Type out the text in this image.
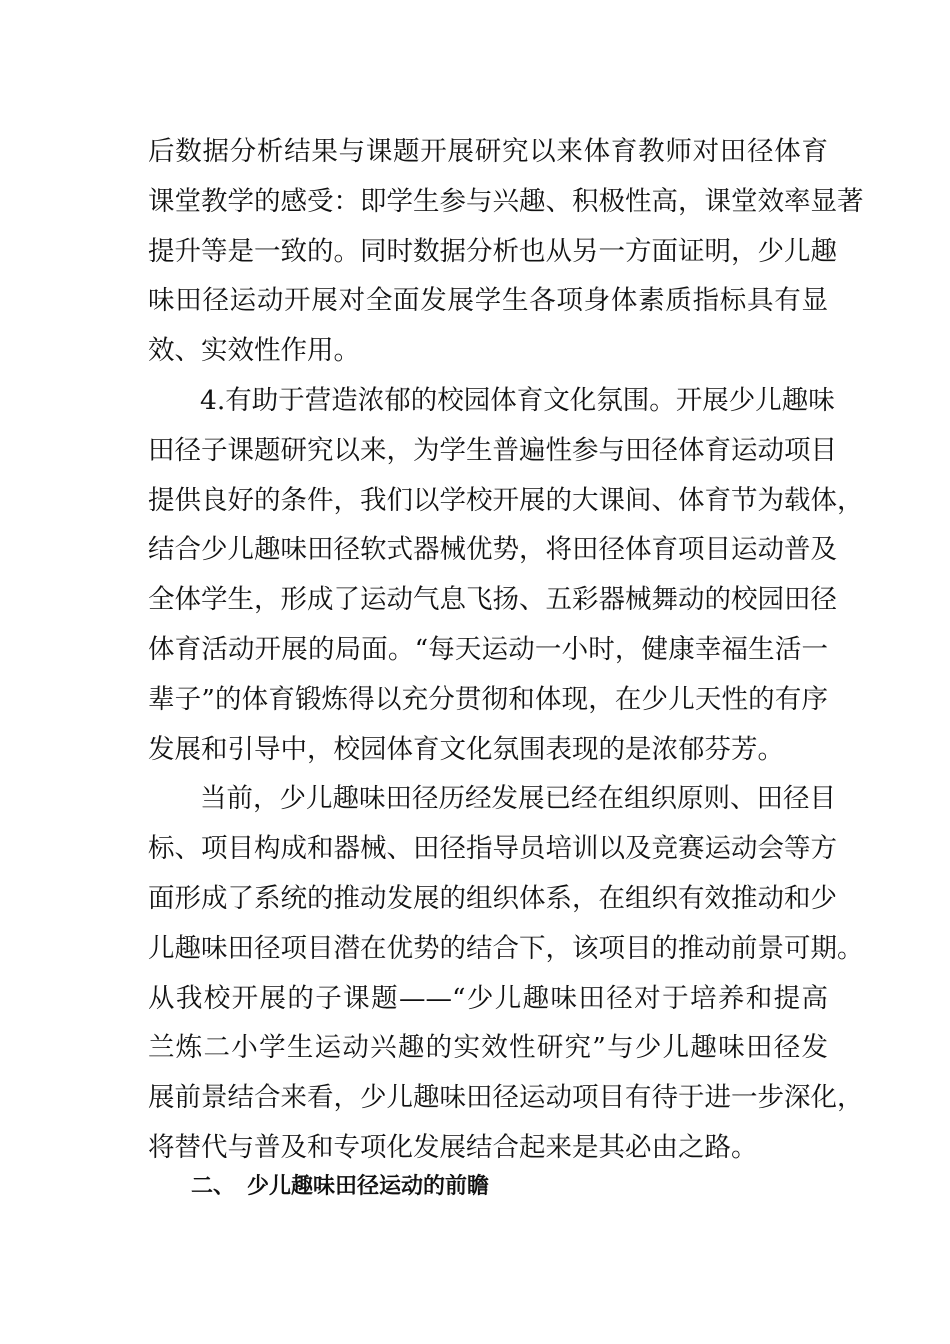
后数据分析结果与课题开展研究以来体育教师对田径体育
课堂教学的感受：即学生参与兴趣、积极性高，课堂效率显著
提升等是一致的。同时数据分析也从另一方面证明，少儿趣
味田径运动开展对全面发展学生各项身体素质指标具有显
效、实效性作用。
4.有助于营造浓郁的校园体育文化氛围。开展少儿趣味
田径子课题研究以来，为学生普遍性参与田径体育运动项目
提供良好的条件，我们以学校开展的大课间、体育节为载体，
结合少儿趣味田径软式器械优势，将田径体育项目运动普及
全体学生，形成了运动气息飞扬、五彩器械舞动的校园田径
体育活动开展的局面。“每天运动一小时，健康幸福生活一
辈子”的体育锻炼得以充分贯彻和体现，在少儿天性的有序
发展和引导中，校园体育文化氛围表现的是浓郁芬芳。
当前，少儿趣味田径历经发展已经在组织原则、田径目
标、项目构成和器械、田径指导员培训以及竞赛运动会等方
面形成了系统的推动发展的组织体系，在组织有效推动和少
儿趣味田径项目潜在优势的结合下，该项目的推动前景可期。
从我校开展的子课题——“少儿趣味田径对于培养和提高
兰炼二小学生运动兴趣的实效性研究”与少儿趣味田径发
展前景结合来看，少儿趣味田径运动项目有待于进一步深化，
将替代与普及和专项化发展结合起来是其必由之路。
二、 少儿趣味田径运动的前瞻
